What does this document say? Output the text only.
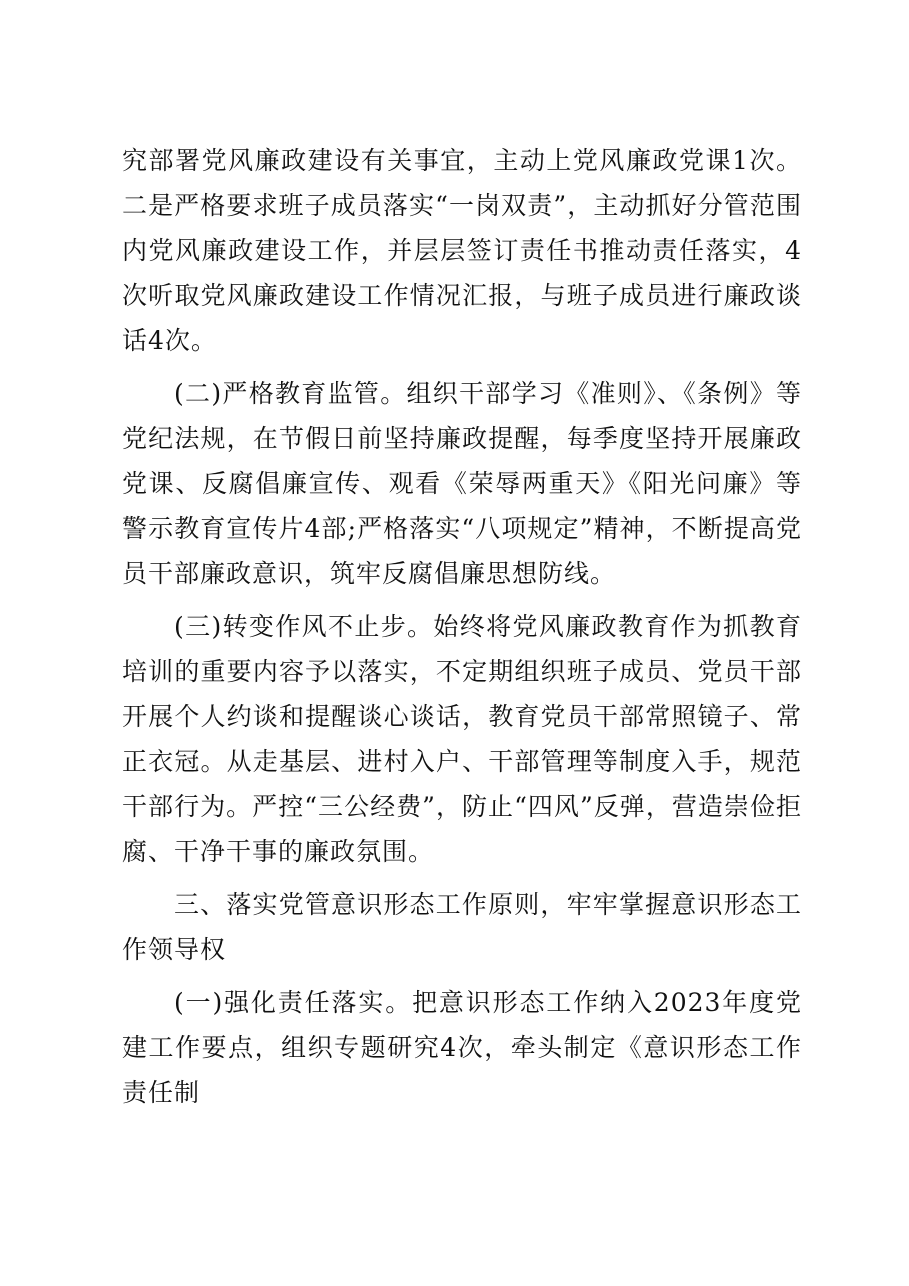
究部署党风廉政建设有关事宜，主动上党风廉政党课1次。二是严格要求班子成员落实“一岗双责”，主动抓好分管范围内党风廉政建设工作，并层层签订责任书推动责任落实，4次听取党风廉政建设工作情况汇报，与班子成员进行廉政谈话4次。

(二)严格教育监管。组织干部学习《准则》、《条例》等党纪法规，在节假日前坚持廉政提醒，每季度坚持开展廉政党课、反腐倡廉宣传、观看《荣辱两重天》《阳光问廉》等警示教育宣传片4部;严格落实“八项规定”精神，不断提高党员干部廉政意识，筑牢反腐倡廉思想防线。

(三)转变作风不止步。始终将党风廉政教育作为抓教育培训的重要内容予以落实，不定期组织班子成员、党员干部开展个人约谈和提醒谈心谈话，教育党员干部常照镜子、常正衣冠。从走基层、进村入户、干部管理等制度入手，规范干部行为。严控“三公经费”，防止“四风”反弹，营造崇俭拒腐、干净干事的廉政氛围。

三、落实党管意识形态工作原则，牢牢掌握意识形态工作领导权

(一)强化责任落实。把意识形态工作纳入2023年度党建工作要点，组织专题研究4次，牵头制定《意识形态工作责任制
